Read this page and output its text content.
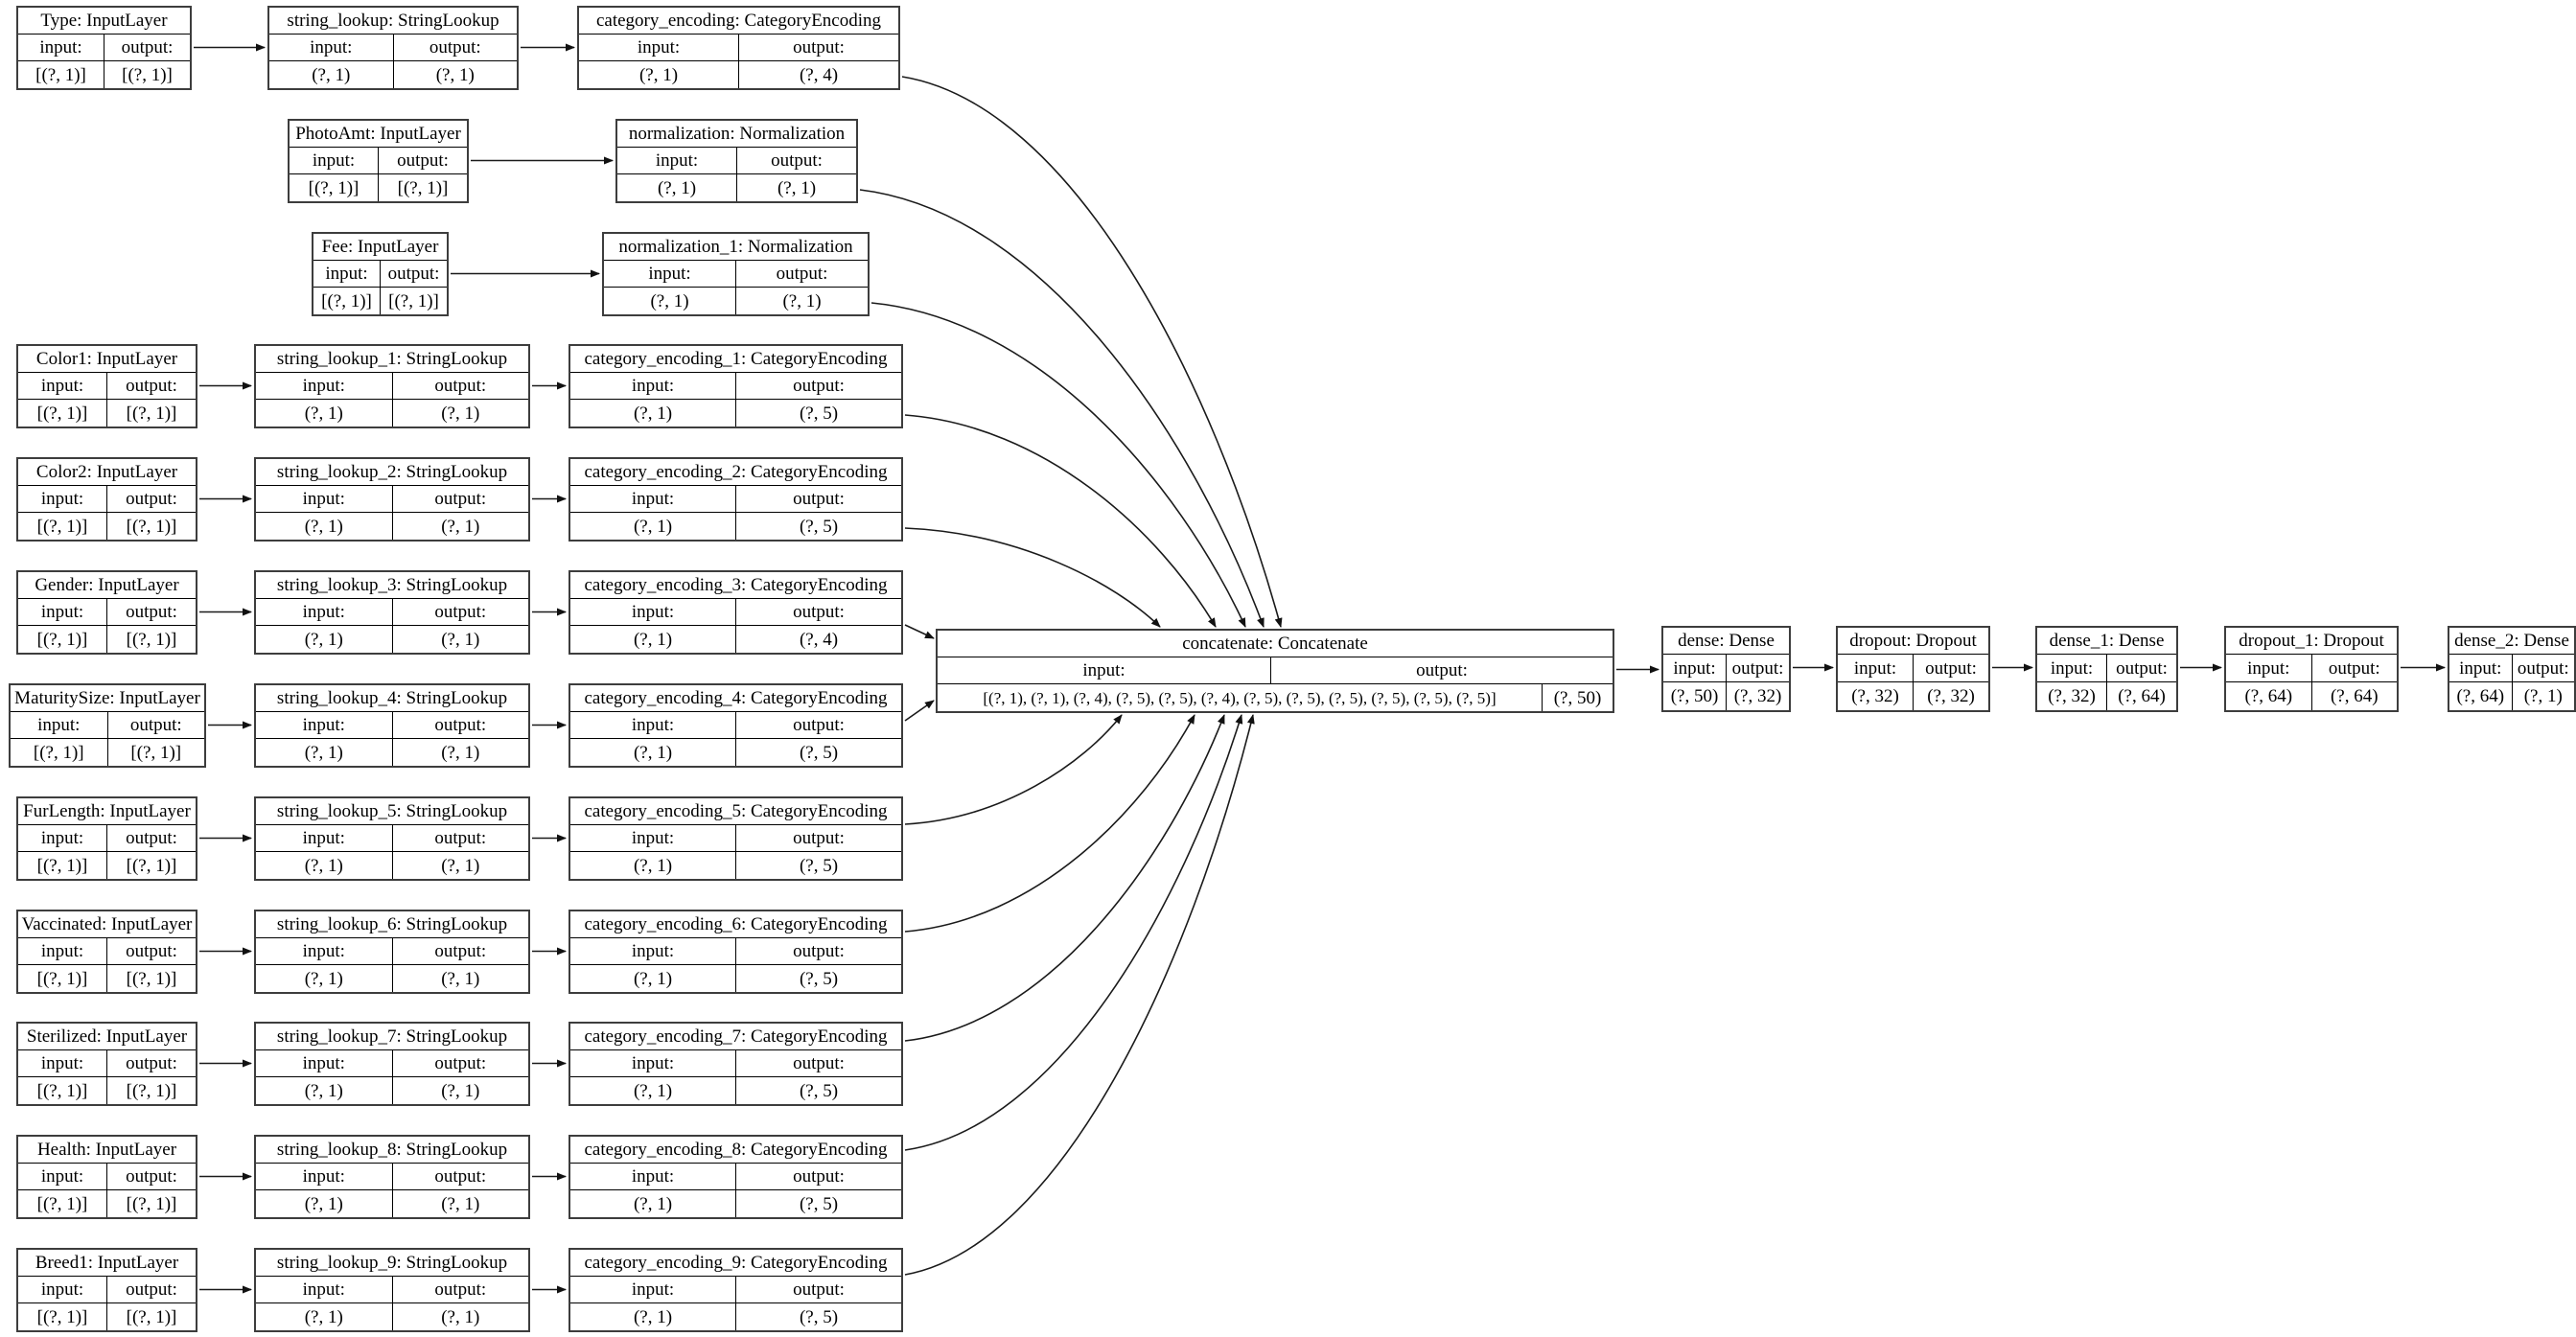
Type: InputLayer
input:	output:
[(?, 1)]	[(?, 1)]
string_lookup: StringLookup
input:	output:
(?, 1)	(?, 1)
category_encoding: CategoryEncoding
input:	output:
(?, 1)	(?, 4)
PhotoAmt: InputLayer
input:	output:
[(?, 1)]	[(?, 1)]
normalization: Normalization
input:	output:
(?, 1)	(?, 1)
Fee: InputLayer
input:	output:
[(?, 1)] [(?, 1)]
normalization_1: Normalization
input:	output:
(?, 1)	(?, 1)
Color1: InputLayer
input:	output:
[(?, 1)]	[(?, 1)]
string_lookup_1: StringLookup
input:	output:
(?, 1)	(?, 1)
category_encoding_1: CategoryEncoding
input:	output:
(?, 1)	(?, 5)
Color2: InputLayer
input:	output:
[(?, 1)]	[(?, 1)]
string_lookup_2: StringLookup
input:	output:
(?, 1)	(?, 1)
category_encoding_2: CategoryEncoding
input:	output:
(?, 1)	(?, 5)
Gender: InputLayer
input:	output:
[(?, 1)]	[(?, 1)]
string_lookup_3: StringLookup
input:	output:
(?, 1)	(?, 1)
category_encoding_3: CategoryEncoding
input:	output:
(?, 1)	(?, 4)
MaturitySize: InputLayer
input:	output:
[(?, 1)]	[(?, 1)]
string_lookup_4: StringLookup
input:	output:
(?, 1)	(?, 1)
category_encoding_4: CategoryEncoding
input:	output:
(?, 1)	(?, 5)
FurLength: InputLayer
input:	output:
[(?, 1)]	[(?, 1)]
string_lookup_5: StringLookup
input:	output:
(?, 1)	(?, 1)
category_encoding_5: CategoryEncoding
input:	output:
(?, 1)	(?, 5)
Vaccinated: InputLayer
input:	output:
[(?, 1)]	[(?, 1)]
string_lookup_6: StringLookup
input:	output:
(?, 1)	(?, 1)
category_encoding_6: CategoryEncoding
input:	output:
(?, 1)	(?, 5)
Sterilized: InputLayer
input:	output:
[(?, 1)]	[(?, 1)]
string_lookup_7: StringLookup
input:	output:
(?, 1)	(?, 1)
category_encoding_7: CategoryEncoding
input:	output:
(?, 1)	(?, 5)
Health: InputLayer
input:	output:
[(?, 1)]	[(?, 1)]
string_lookup_8: StringLookup
input:	output:
(?, 1)	(?, 1)
category_encoding_8: CategoryEncoding
input:	output:
(?, 1)	(?, 5)
Breed1: InputLayer
input:	output:
[(?, 1)]	[(?, 1)]
string_lookup_9: StringLookup
input:	output:
(?, 1)	(?, 1)
category_encoding_9: CategoryEncoding
input:	output:
(?, 1)	(?, 5)
concatenate: Concatenate
input:	output:
[(?, 1), (?, 1), (?, 4), (?, 5), (?, 5), (?, 4), (?, 5), (?, 5), (?, 5), (?, 5), (?, 5), (?, 5)]	(?, 50)
dense: Dense
input: output:
(?, 50) (?, 32)
dropout: Dropout
input:	output:
(?, 32)	(?, 32)
dense_1: Dense
input:	output:
(?, 32)	(?, 64)
dropout_1: Dropout
input:	output:
(?, 64)	(?, 64)
dense_2: Dense
input: output:
(?, 64)	(?, 1)
